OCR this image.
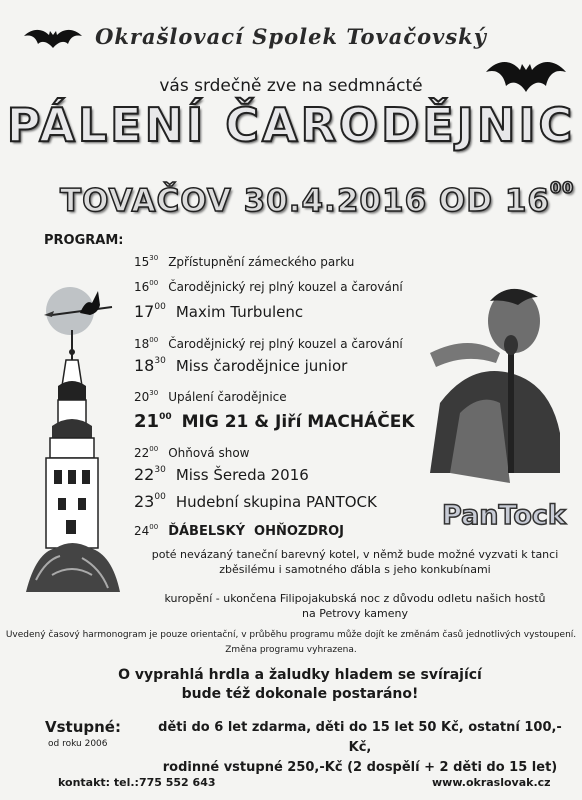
Okrašlovací Spolek Tovačovský
vás srdečně zve na sedmnácté
PÁLENÍ ČARODĚJNIC
TOVAČOV 30.4.2016 OD $16^{00}$
PROGRAM:
$15^{30}$ Zpřístupnění zámeckého parku
$16^{00}$ Čarodějnický rej plný kouzel a čarování
$17^{00}$ Maxim Turbulenc
$18^{00}$ Čarodějnický rej plný kouzel a čarování
$18^{30}$ Miss čarodějnice junior
$20^{30}$ Upálení čarodějnice
$21^{00}$ MIG 21 & Jiří MACHÁČEK
$22^{00}$ Ohňová show
$22^{30}$ Miss Šereda 2016
$23^{00}$ Hudební skupina PANTOCK
$24^{00}$ ĎÁBELSKÝ  OHŇOZDROJ
PanTock
poté nevázaný taneční barevný kotel, v němž bude možné vyzvati k tanci
zběsilému i samotného ďábla s jeho konkubínami
kuropění - ukončena Filipojakubská noc z důvodu odletu našich hostů
na Petrovy kameny
Uvedený časový harmonogram je pouze orientační, v průběhu programu může dojít ke změnám časů jednotlivých vystoupení.
Změna programu vyhrazena.
O vyprahlá hrdla a žaludky hladem se svírající
bude též dokonale postaráno!
Vstupné:
od roku 2006
děti do 6 let zdarma, děti do 15 let 50 Kč, ostatní 100,-Kč,
rodinné vstupné 250,-Kč (2 dospělí + 2 děti do 15 let)
kontakt: tel.:775 552 643	www.okraslovak.cz
